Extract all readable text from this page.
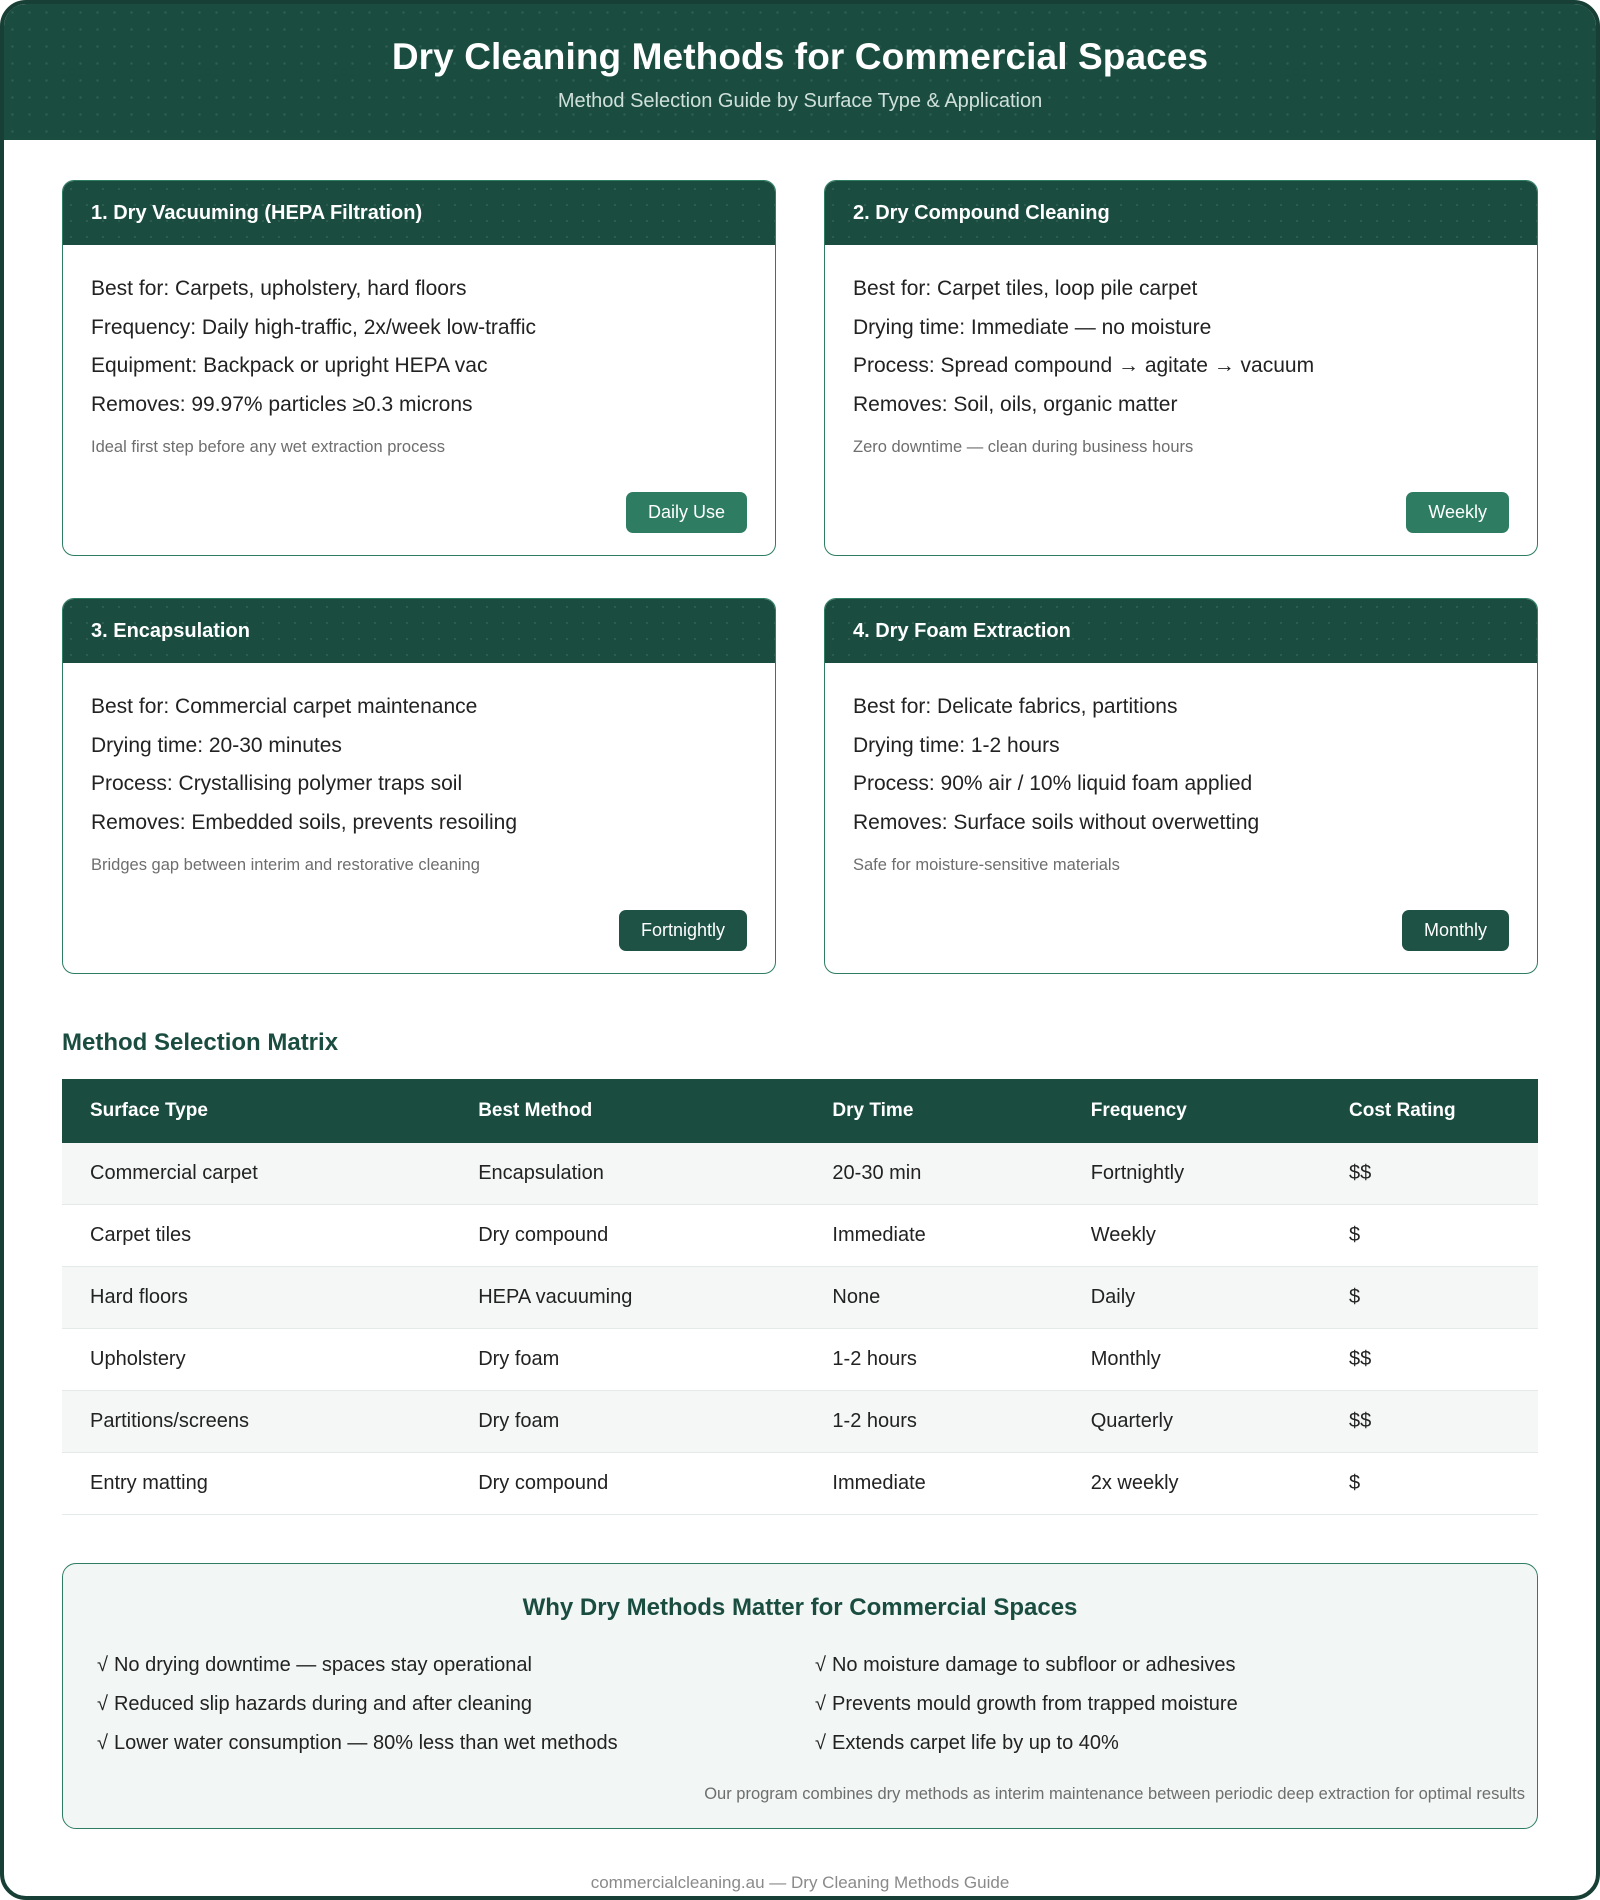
Dry Cleaning Methods for Commercial Spaces
Method Selection Guide by Surface Type & Application
1. Dry Vacuuming (HEPA Filtration)
Best for: Carpets, upholstery, hard floors
Frequency: Daily high-traffic, 2x/week low-traffic
Equipment: Backpack or upright HEPA vac
Removes: 99.97% particles ≥0.3 microns
Ideal first step before any wet extraction process
Daily Use
2. Dry Compound Cleaning
Best for: Carpet tiles, loop pile carpet
Drying time: Immediate — no moisture
Process: Spread compound → agitate → vacuum
Removes: Soil, oils, organic matter
Zero downtime — clean during business hours
Weekly
3. Encapsulation
Best for: Commercial carpet maintenance
Drying time: 20-30 minutes
Process: Crystallising polymer traps soil
Removes: Embedded soils, prevents resoiling
Bridges gap between interim and restorative cleaning
Fortnightly
4. Dry Foam Extraction
Best for: Delicate fabrics, partitions
Drying time: 1-2 hours
Process: 90% air / 10% liquid foam applied
Removes: Surface soils without overwetting
Safe for moisture-sensitive materials
Monthly
Method Selection Matrix
Surface Type	Best Method	Dry Time	Frequency	Cost Rating
Commercial carpet	Encapsulation	20-30 min	Fortnightly	$$
Carpet tiles	Dry compound	Immediate	Weekly	$
Hard floors	HEPA vacuuming	None	Daily	$
Upholstery	Dry foam	1-2 hours	Monthly	$$
Partitions/screens	Dry foam	1-2 hours	Quarterly	$$
Entry matting	Dry compound	Immediate	2x weekly	$
Why Dry Methods Matter for Commercial Spaces
√ No drying downtime — spaces stay operational	√ No moisture damage to subfloor or adhesives
√ Reduced slip hazards during and after cleaning	√ Prevents mould growth from trapped moisture
√ Lower water consumption — 80% less than wet methods	√ Extends carpet life by up to 40%
Our program combines dry methods as interim maintenance between periodic deep extraction for optimal results
commercialcleaning.au — Dry Cleaning Methods Guide
